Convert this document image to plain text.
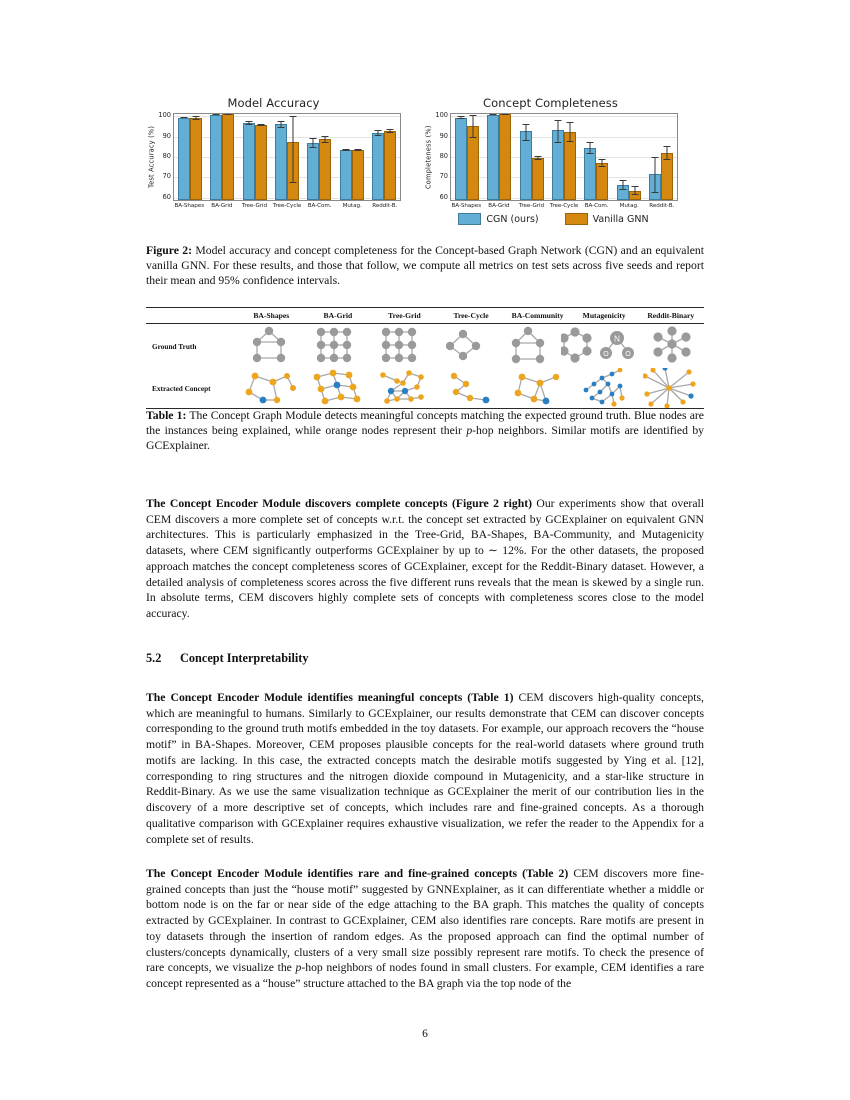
Model Accuracy
Test Accuracy (%)
60
70
80
90
100
BA-Shapes	BA-Grid	Tree-Grid	Tree-Cycle	BA-Com.	Mutag.	Reddit-B.
Concept Completeness
Completeness (%)
60
70
80
90
100
BA-Shapes	BA-Grid	Tree-Grid	Tree-Cycle	BA-Com.	Mutag.	Reddit-B.
CGN (ours)	Vanilla GNN
Figure 2: Model accuracy and concept completeness for the Concept-based Graph Network (CGN) and an equivalent vanilla GNN. For these results, and those that follow, we compute all metrics on test sets across five seeds and report their mean and 95% confidence intervals.
BA-Shapes	BA-Grid	Tree-Grid	Tree-Cycle	BA-Community	Mutagenicity	Reddit-Binary
Ground Truth
N
O O
Extracted Concept
Table 1: The Concept Graph Module detects meaningful concepts matching the expected ground truth. Blue nodes are the instances being explained, while orange nodes represent their p-hop neighbors. Similar motifs are identified by GCExplainer.
The Concept Encoder Module discovers complete concepts (Figure 2 right) Our experiments show that overall CEM discovers a more complete set of concepts w.r.t. the concept set extracted by GCExplainer on equivalent GNN architectures. This is particularly emphasized in the Tree-Grid, BA-Shapes, BA-Community, and Mutagenicity datasets, where CEM significantly outperforms GCExplainer by up to ∼ 12%. For the other datasets, the proposed approach matches the concept completeness scores of GCExplainer, except for the Reddit-Binary dataset. However, a detailed analysis of completeness scores across the five different runs reveals that the mean is skewed by a single run. In absolute terms, CEM discovers highly complete sets of concepts with completeness scores close to the model accuracy.
5.2 Concept Interpretability
The Concept Encoder Module identifies meaningful concepts (Table 1) CEM discovers high-quality concepts, which are meaningful to humans. Similarly to GCExplainer, our results demonstrate that CEM can discover concepts corresponding to the ground truth motifs embedded in the toy datasets. For example, our approach recovers the “house motif” in BA-Shapes. Moreover, CEM proposes plausible concepts for the real-world datasets where ground truth motifs are lacking. In this case, the extracted concepts match the desirable motifs suggested by Ying et al. [12], corresponding to ring structures and the nitrogen dioxide compound in Mutagenicity, and a star-like structure in Reddit-Binary. As we use the same visualization technique as GCExplainer the merit of our contribution lies in the discovery of a more descriptive set of concepts, which includes rare and fine-grained concepts. As a thorough qualitative comparison with GCExplainer requires exhaustive visualization, we refer the reader to the Appendix for a complete set of results.
The Concept Encoder Module identifies rare and fine-grained concepts (Table 2) CEM discovers more fine-grained concepts than just the “house motif” suggested by GNNExplainer, as it can differentiate whether a middle or bottom node is on the far or near side of the edge attaching to the BA graph. This matches the quality of concepts extracted by GCExplainer. In contrast to GCExplainer, CEM also identifies rare concepts. Rare motifs are present in toy datasets through the insertion of random edges. As the proposed approach can find the optimal number of clusters/concepts dynamically, clusters of a very small size possibly represent rare motifs. To check the presence of rare concepts, we visualize the p-hop neighbors of nodes found in small clusters. For example, CEM identifies a rare concept represented as a “house” structure attached to the BA graph via the top node of the
6
